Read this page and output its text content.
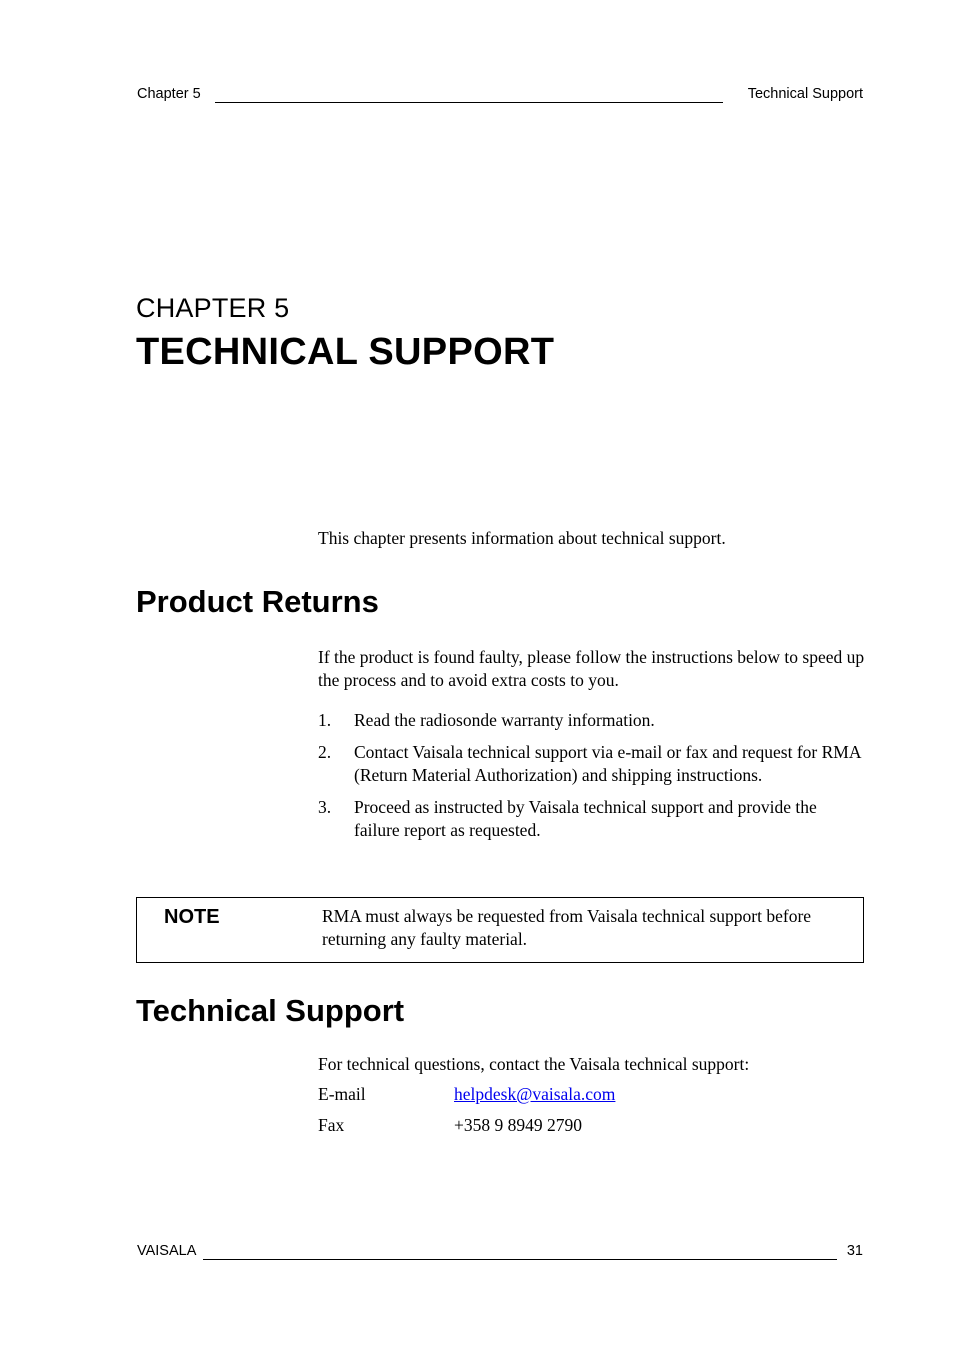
Chapter 5	Technical Support
CHAPTER 5
TECHNICAL SUPPORT
This chapter presents information about technical support.
Product Returns
If the product is found faulty, please follow the instructions below to speed up the process and to avoid extra costs to you.
1. Read the radiosonde warranty information.
2. Contact Vaisala technical support via e-mail or fax and request for RMA (Return Material Authorization) and shipping instructions.
3. Proceed as instructed by Vaisala technical support and provide the failure report as requested.
NOTE	RMA must always be requested from Vaisala technical support before returning any faulty material.
Technical Support
For technical questions, contact the Vaisala technical support:
E-mail	helpdesk@vaisala.com
Fax	+358 9 8949 2790
VAISALA	31
